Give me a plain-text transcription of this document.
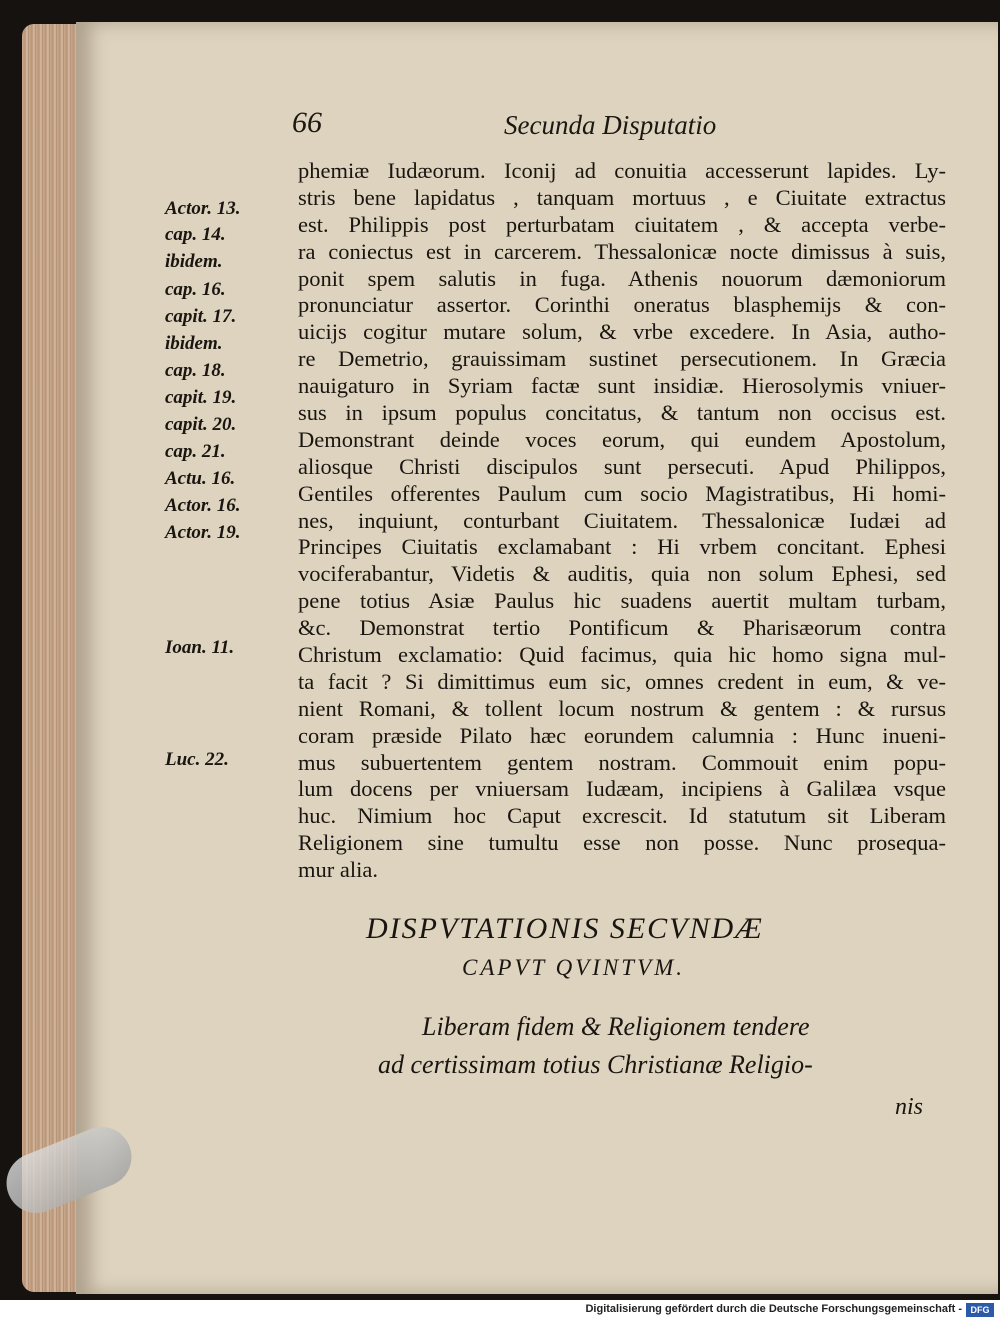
66	Secunda Disputatio
phemiæ Iudæorum. Iconij ad conuitia accesserunt lapides. Ly-
stris bene lapidatus , tanquam mortuus , e Ciuitate extractus
est. Philippis post perturbatam ciuitatem , & accepta verbe-
ra coniectus est in carcerem. Thessalonicæ nocte dimissus à suis,
ponit spem salutis in fuga. Athenis nouorum dæmoniorum
pronunciatur assertor. Corinthi oneratus blasphemijs & con-
uicijs cogitur mutare solum, & vrbe excedere. In Asia, autho-
re Demetrio, grauissimam sustinet persecutionem. In Græcia
nauigaturo in Syriam factæ sunt insidiæ. Hierosolymis vniuer-
sus in ipsum populus concitatus, & tantum non occisus est.
Demonstrant deinde voces eorum, qui eundem Apostolum,
aliosque Christi discipulos sunt persecuti. Apud Philippos,
Gentiles offerentes Paulum cum socio Magistratibus, Hi homi-
nes, inquiunt, conturbant Ciuitatem. Thessalonicæ Iudæi ad
Principes Ciuitatis exclamabant : Hi vrbem concitant. Ephesi
vociferabantur, Videtis & auditis, quia non solum Ephesi, sed
pene totius Asiæ Paulus hic suadens auertit multam turbam,
&c. Demonstrat tertio Pontificum & Pharisæorum contra
Christum exclamatio: Quid facimus, quia hic homo signa mul-
ta facit ? Si dimittimus eum sic, omnes credent in eum, & ve-
nient Romani, & tollent locum nostrum & gentem : & rursus
coram præside Pilato hæc eorundem calumnia : Hunc inueni-
mus subuertentem gentem nostram. Commouit enim popu-
lum docens per vniuersam Iudæam, incipiens à Galilæa vsque
huc. Nimium hoc Caput excrescit. Id statutum sit Liberam
Religionem sine tumultu esse non posse. Nunc prosequa-
mur alia.
Actor. 13.
cap. 14.
ibidem.
cap. 16.
capit. 17.
ibidem.
cap. 18.
capit. 19.
capit. 20.
cap. 21.
Actu. 16.
Actor. 16.
Actor. 19.
Ioan. 11.
Luc. 22.
DISPVTATIONIS SECVNDÆ
CAPVT QVINTVM.
Liberam fidem & Religionem tendere
ad certissimam totius Christianæ Religio-
nis
Digitalisierung gefördert durch die Deutsche Forschungsgemeinschaft - DFG
